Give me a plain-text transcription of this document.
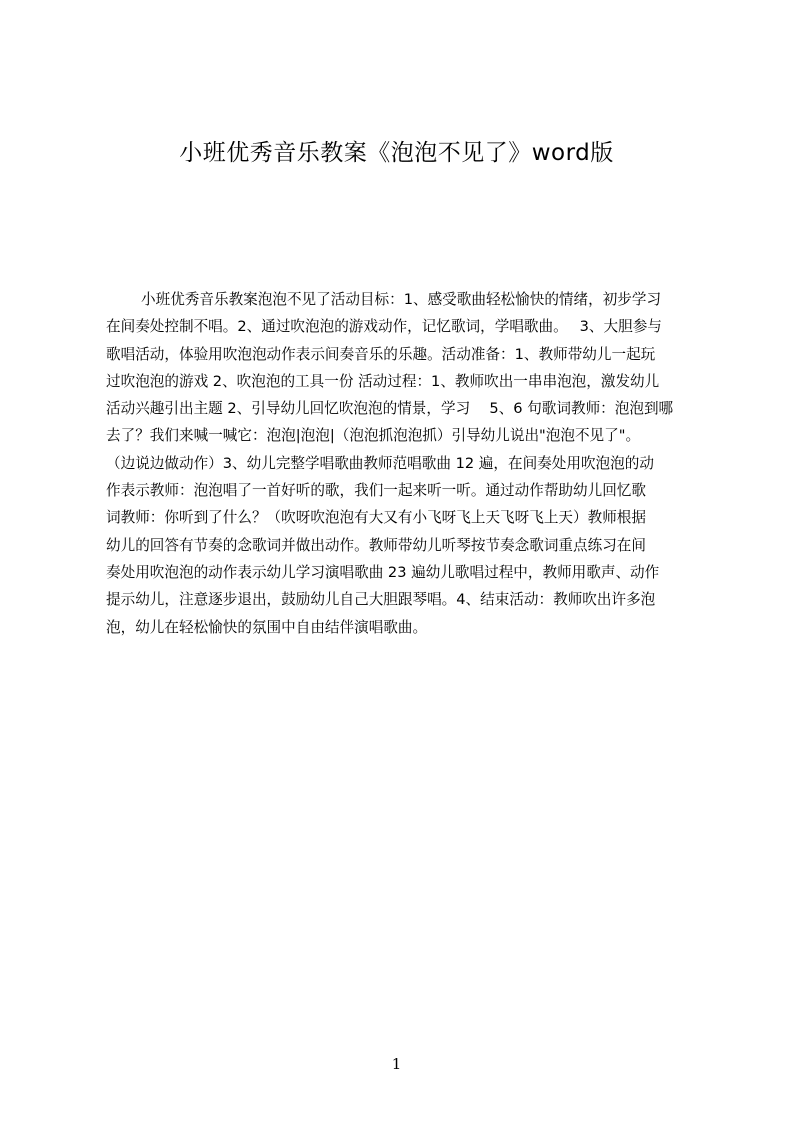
小班优秀音乐教案《泡泡不见了》word版
小班优秀音乐教案泡泡不见了活动目标：1、感受歌曲轻松愉快的情绪，初步学习
在间奏处控制不唱。2、通过吹泡泡的游戏动作，记忆歌词，学唱歌曲。　 3、大胆参与
歌唱活动，体验用吹泡泡动作表示间奏音乐的乐趣。活动准备：1、教师带幼儿一起玩
过吹泡泡的游戏 2、吹泡泡的工具一份 活动过程：1、教师吹出一串串泡泡，激发幼儿
活动兴趣引出主题 2、引导幼儿回忆吹泡泡的情景，学习　 5、6 句歌词教师：泡泡到哪
去了？我们来喊一喊它：泡泡|泡泡|（泡泡抓泡泡抓）引导幼儿说出"泡泡不见了"。
（边说边做动作）3、幼儿完整学唱歌曲教师范唱歌曲 12 遍，在间奏处用吹泡泡的动
作表示教师：泡泡唱了一首好听的歌，我们一起来听一听。通过动作帮助幼儿回忆歌
词教师：你听到了什么？（吹呀吹泡泡有大又有小飞呀飞上天飞呀飞上天）教师根据
幼儿的回答有节奏的念歌词并做出动作。教师带幼儿听琴按节奏念歌词重点练习在间
奏处用吹泡泡的动作表示幼儿学习演唱歌曲 23 遍幼儿歌唱过程中，教师用歌声、动作
提示幼儿，注意逐步退出，鼓励幼儿自己大胆跟琴唱。4、结束活动：教师吹出许多泡
泡，幼儿在轻松愉快的氛围中自由结伴演唱歌曲。
1
